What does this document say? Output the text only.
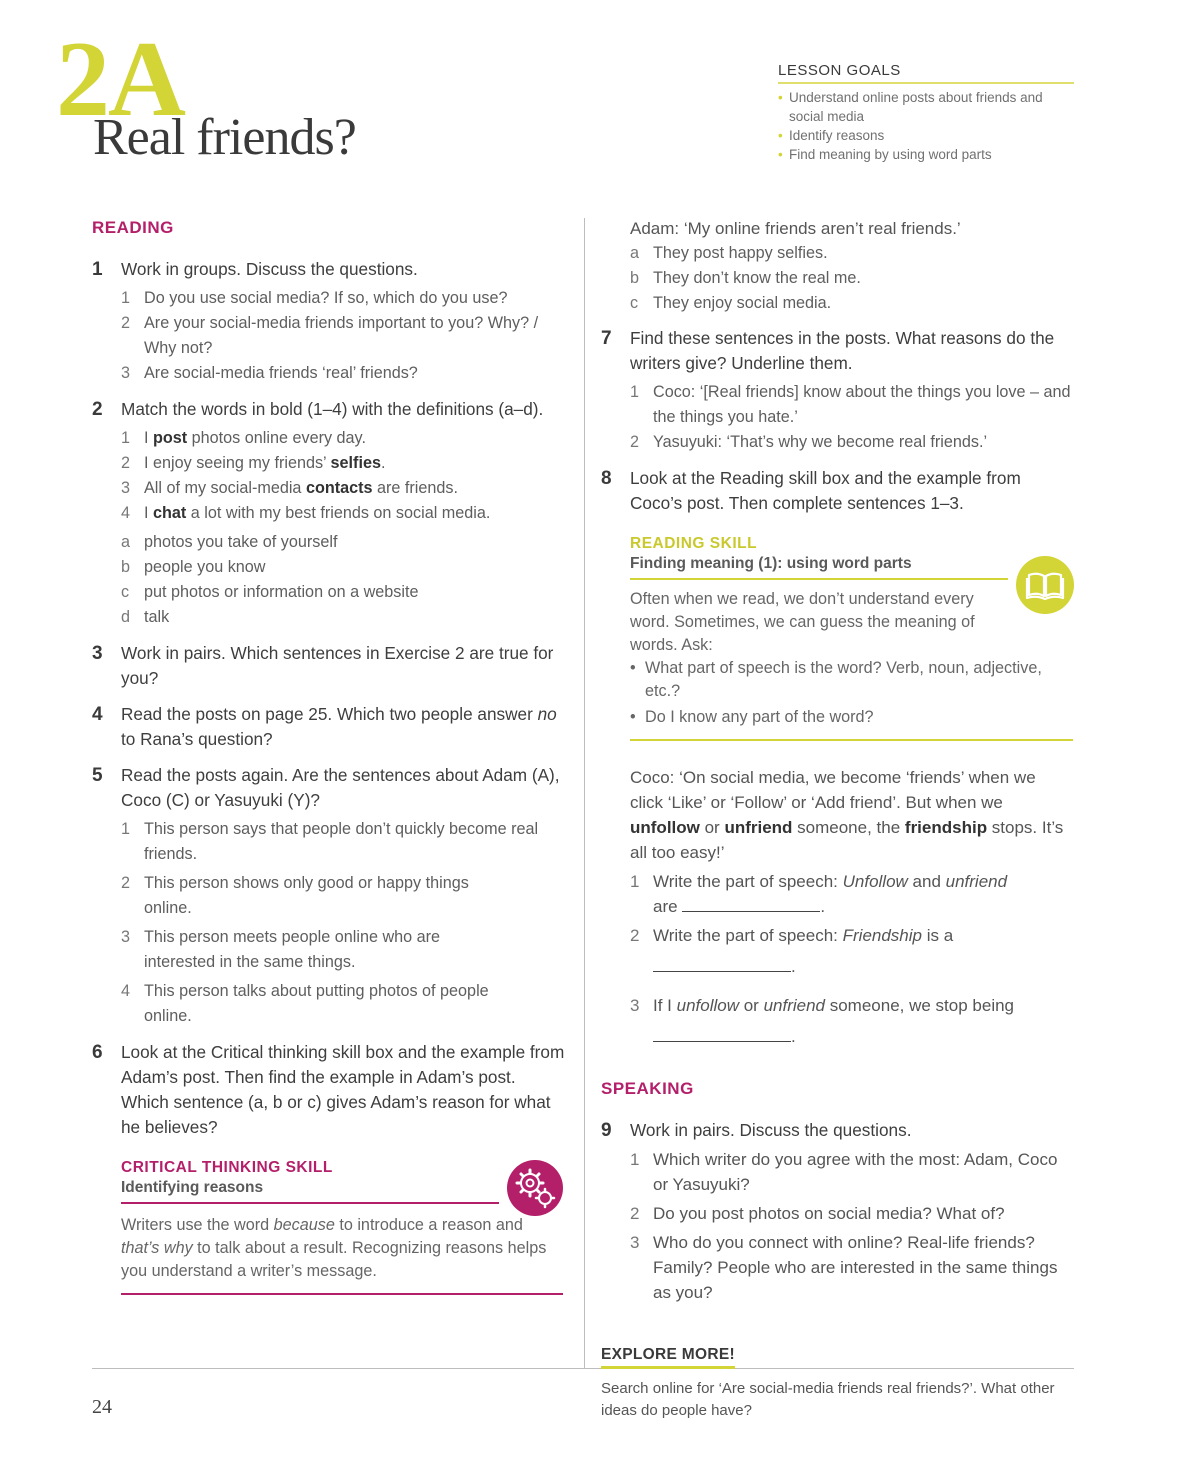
2A
Real friends?
LESSON GOALS
• Understand online posts about friends and social media
• Identify reasons
• Find meaning by using word parts
READING
1 Work in groups. Discuss the questions.
1 Do you use social media? If so, which do you use?
2 Are your social-media friends important to you? Why? / Why not?
3 Are social-media friends ‘real’ friends?
2 Match the words in bold (1–4) with the definitions (a–d).
1 I post photos online every day.
2 I enjoy seeing my friends’ selfies.
3 All of my social-media contacts are friends.
4 I chat a lot with my best friends on social media.
a photos you take of yourself
b people you know
c put photos or information on a website
d talk
3 Work in pairs. Which sentences in Exercise 2 are true for you?
4 Read the posts on page 25. Which two people answer no to Rana’s question?
5 Read the posts again. Are the sentences about Adam (A), Coco (C) or Yasuyuki (Y)?
1 This person says that people don’t quickly become real friends.
2 This person shows only good or happy things online.
3 This person meets people online who are interested in the same things.
4 This person talks about putting photos of people online.
6 Look at the Critical thinking skill box and the example from Adam’s post. Then find the example in Adam’s post. Which sentence (a, b or c) gives Adam’s reason for what he believes?
CRITICAL THINKING SKILL
Identifying reasons
Writers use the word because to introduce a reason and that’s why to talk about a result. Recognizing reasons helps you understand a writer’s message.
Adam: ‘My online friends aren’t real friends.’
a They post happy selfies.
b They don’t know the real me.
c They enjoy social media.
7 Find these sentences in the posts. What reasons do the writers give? Underline them.
1 Coco: ‘[Real friends] know about the things you love – and the things you hate.’
2 Yasuyuki: ‘That’s why we become real friends.’
8 Look at the Reading skill box and the example from Coco’s post. Then complete sentences 1–3.
READING SKILL
Finding meaning (1): using word parts
Often when we read, we don’t understand every word. Sometimes, we can guess the meaning of words. Ask:
• What part of speech is the word? Verb, noun, adjective, etc.?
• Do I know any part of the word?
Coco: ‘On social media, we become ‘friends’ when we click ‘Like’ or ‘Follow’ or ‘Add friend’. But when we unfollow or unfriend someone, the friendship stops. It’s all too easy!’
1 Write the part of speech: Unfollow and unfriend
are	.
2 Write the part of speech: Friendship is a
.
3 If I unfollow or unfriend someone, we stop being
.
SPEAKING
9 Work in pairs. Discuss the questions.
1 Which writer do you agree with the most: Adam, Coco or Yasuyuki?
2 Do you post photos on social media? What of?
3 Who do you connect with online? Real-life friends? Family? People who are interested in the same things as you?
EXPLORE MORE!
Search online for ‘Are social-media friends real friends?’. What other ideas do people have?
24
